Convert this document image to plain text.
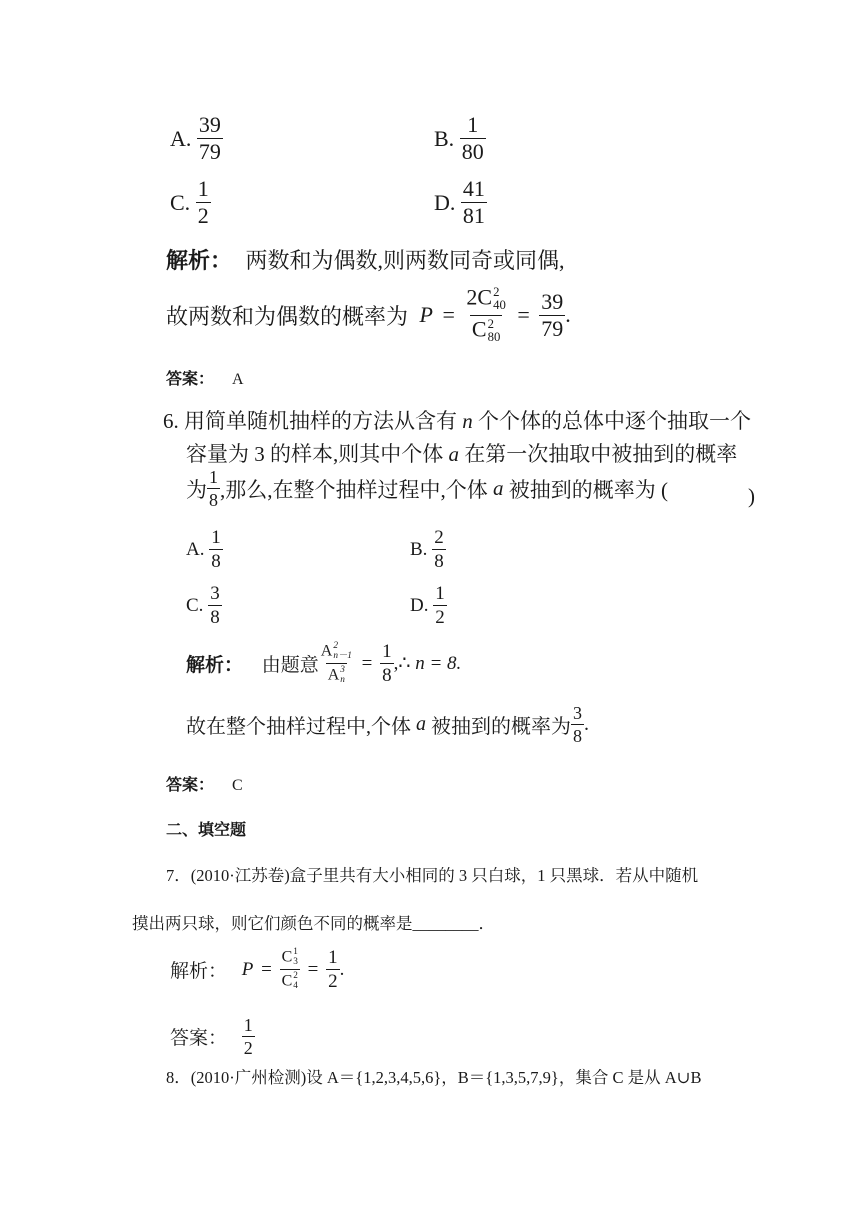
A. $\frac{39}{79}$	B. $\frac{1}{80}$
C. $\frac{1}{2}$	D. $\frac{41}{81}$
解析： 两数和为偶数,则两数同奇或同偶,
故两数和为偶数的概率为 P = 2C 2
40
C 2
$80 = \frac{39}{79}$ .
答案： A
6. 用简单随机抽样的方法从含有 n 个个体的总体中逐个抽取一个
容量为 3 的样本,则其中个体 a 在第一次抽取中被抽到的概率
为 $\frac{1}{8}$ ,那么,在整个抽样过程中,个体 a 被抽到的概率为 (	)
A. $\frac{1}{8}$	B. $\frac{2}{8}$
C. $\frac{3}{8}$	D. $\frac{1}{2}$
解析： 由题意 A 2
n－1
A 3
$n = \frac{1}{8}$ ,∴ n = 8.
故在整个抽样过程中,个体 a 被抽到的概率为 $\frac{3}{8}$ .
答案： C
二、填空题
7．(2010·江苏卷)盒子里共有大小相同的 3 只白球，1 只黑球．若从中随机
摸出两只球，则它们颜色不同的概率是________．
解析： P = C 1
3
C 2
$4 = \frac{1}{2}$ .
答案： $\frac{1}{2}$
8．(2010·广州检测)设 A＝{1,2,3,4,5,6}，B＝{1,3,5,7,9}，集合 C 是从 A∪B
